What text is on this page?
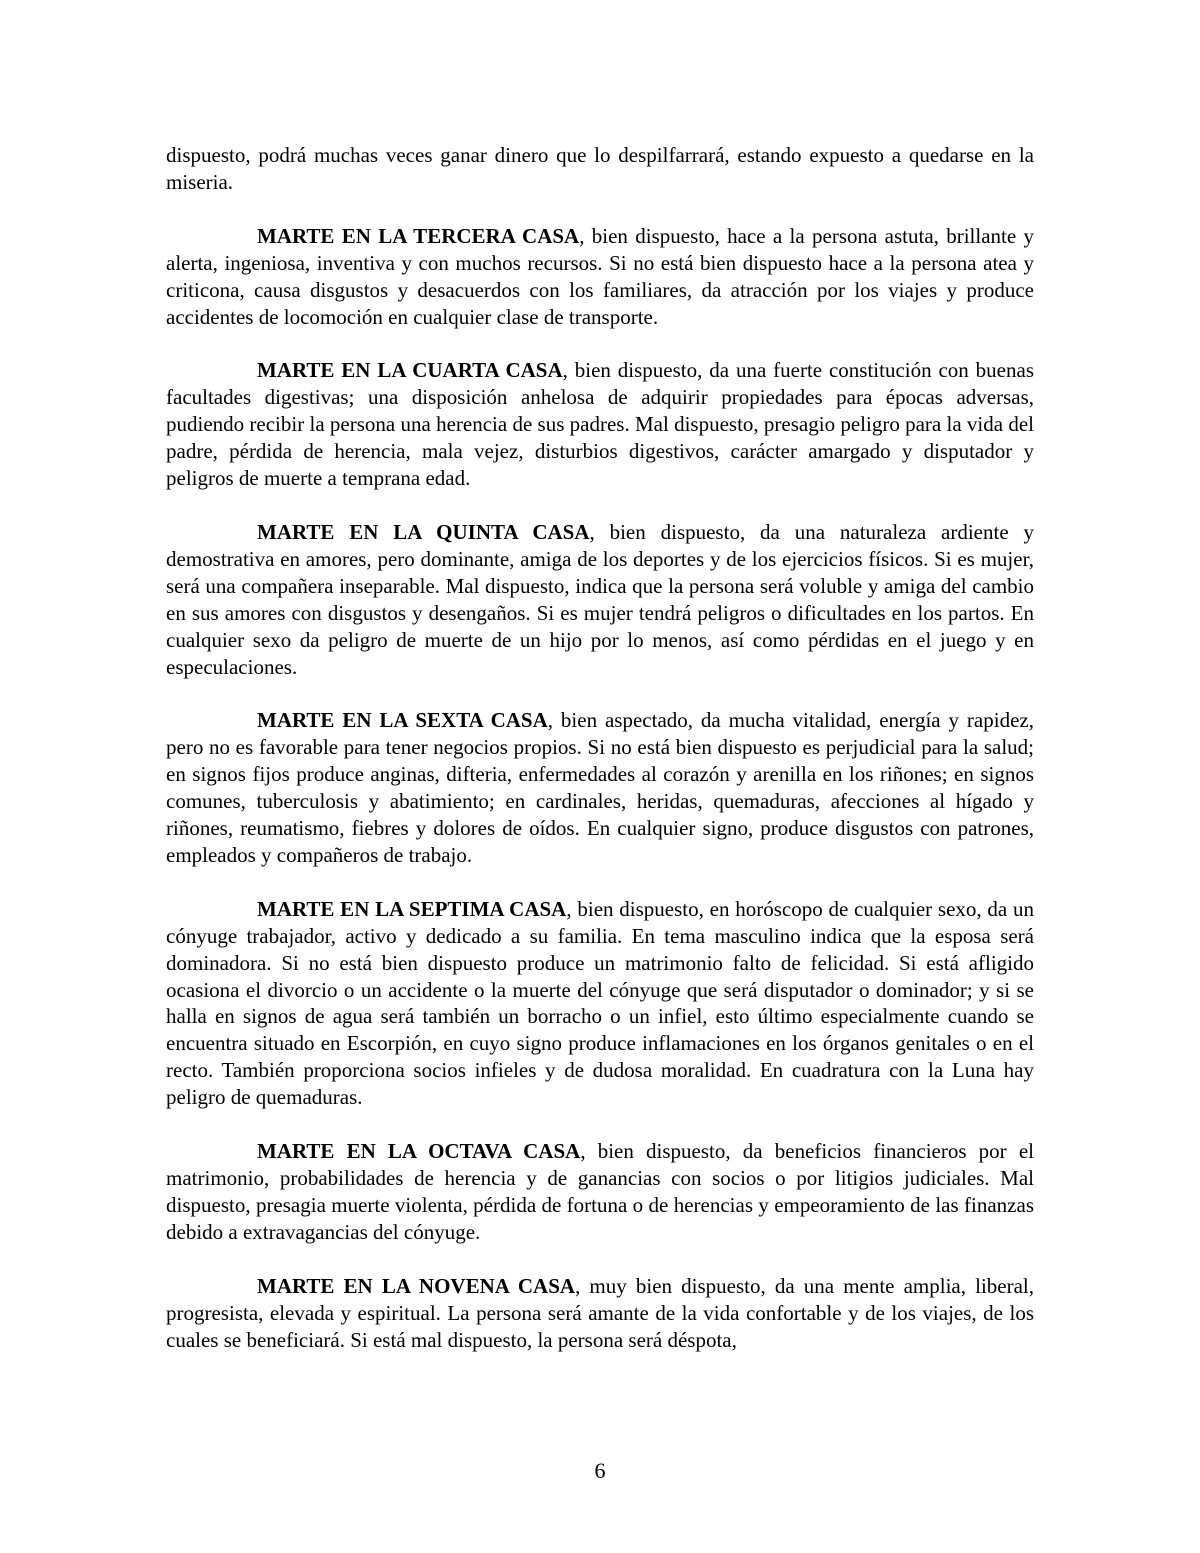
dispuesto, podrá muchas veces ganar dinero que lo despilfarrará, estando expuesto a quedarse en la miseria.

MARTE EN LA TERCERA CASA, bien dispuesto, hace a la persona astuta, brillante y alerta, ingeniosa, inventiva y con muchos recursos. Si no está bien dispuesto hace a la persona atea y criticona, causa disgustos y desacuerdos con los familiares, da atracción por los viajes y produce accidentes de locomoción en cualquier clase de transporte.

MARTE EN LA CUARTA CASA, bien dispuesto, da una fuerte constitución con buenas facultades digestivas; una disposición anhelosa de adquirir propiedades para épocas adversas, pudiendo recibir la persona una herencia de sus padres. Mal dispuesto, presagio peligro para la vida del padre, pérdida de herencia, mala vejez, disturbios digestivos, carácter amargado y disputador y peligros de muerte a temprana edad.

MARTE EN LA QUINTA CASA, bien dispuesto, da una naturaleza ardiente y demostrativa en amores, pero dominante, amiga de los deportes y de los ejercicios físicos. Si es mujer, será una compañera inseparable. Mal dispuesto, indica que la persona será voluble y amiga del cambio en sus amores con disgustos y desengaños. Si es mujer tendrá peligros o dificultades en los partos. En cualquier sexo da peligro de muerte de un hijo por lo menos, así como pérdidas en el juego y en especulaciones.

MARTE EN LA SEXTA CASA, bien aspectado, da mucha vitalidad, energía y rapidez, pero no es favorable para tener negocios propios. Si no está bien dispuesto es perjudicial para la salud; en signos fijos produce anginas, difteria, enfermedades al corazón y arenilla en los riñones; en signos comunes, tuberculosis y abatimiento; en cardinales, heridas, quemaduras, afecciones al hígado y riñones, reumatismo, fiebres y dolores de oídos. En cualquier signo, produce disgustos con patrones, empleados y compañeros de trabajo.

MARTE EN LA SEPTIMA CASA, bien dispuesto, en horóscopo de cualquier sexo, da un cónyuge trabajador, activo y dedicado a su familia. En tema masculino indica que la esposa será dominadora. Si no está bien dispuesto produce un matrimonio falto de felicidad. Si está afligido ocasiona el divorcio o un accidente o la muerte del cónyuge que será disputador o dominador; y si se halla en signos de agua será también un borracho o un infiel, esto último especialmente cuando se encuentra situado en Escorpión, en cuyo signo produce inflamaciones en los órganos genitales o en el recto. También proporciona socios infieles y de dudosa moralidad. En cuadratura con la Luna hay peligro de quemaduras.

MARTE EN LA OCTAVA CASA, bien dispuesto, da beneficios financieros por el matrimonio, probabilidades de herencia y de ganancias con socios o por litigios judiciales. Mal dispuesto, presagia muerte violenta, pérdida de fortuna o de herencias y empeoramiento de las finanzas debido a extravagancias del cónyuge.

MARTE EN LA NOVENA CASA, muy bien dispuesto, da una mente amplia, liberal, progresista, elevada y espiritual. La persona será amante de la vida confortable y de los viajes, de los cuales se beneficiará. Si está mal dispuesto, la persona será déspota,

6
